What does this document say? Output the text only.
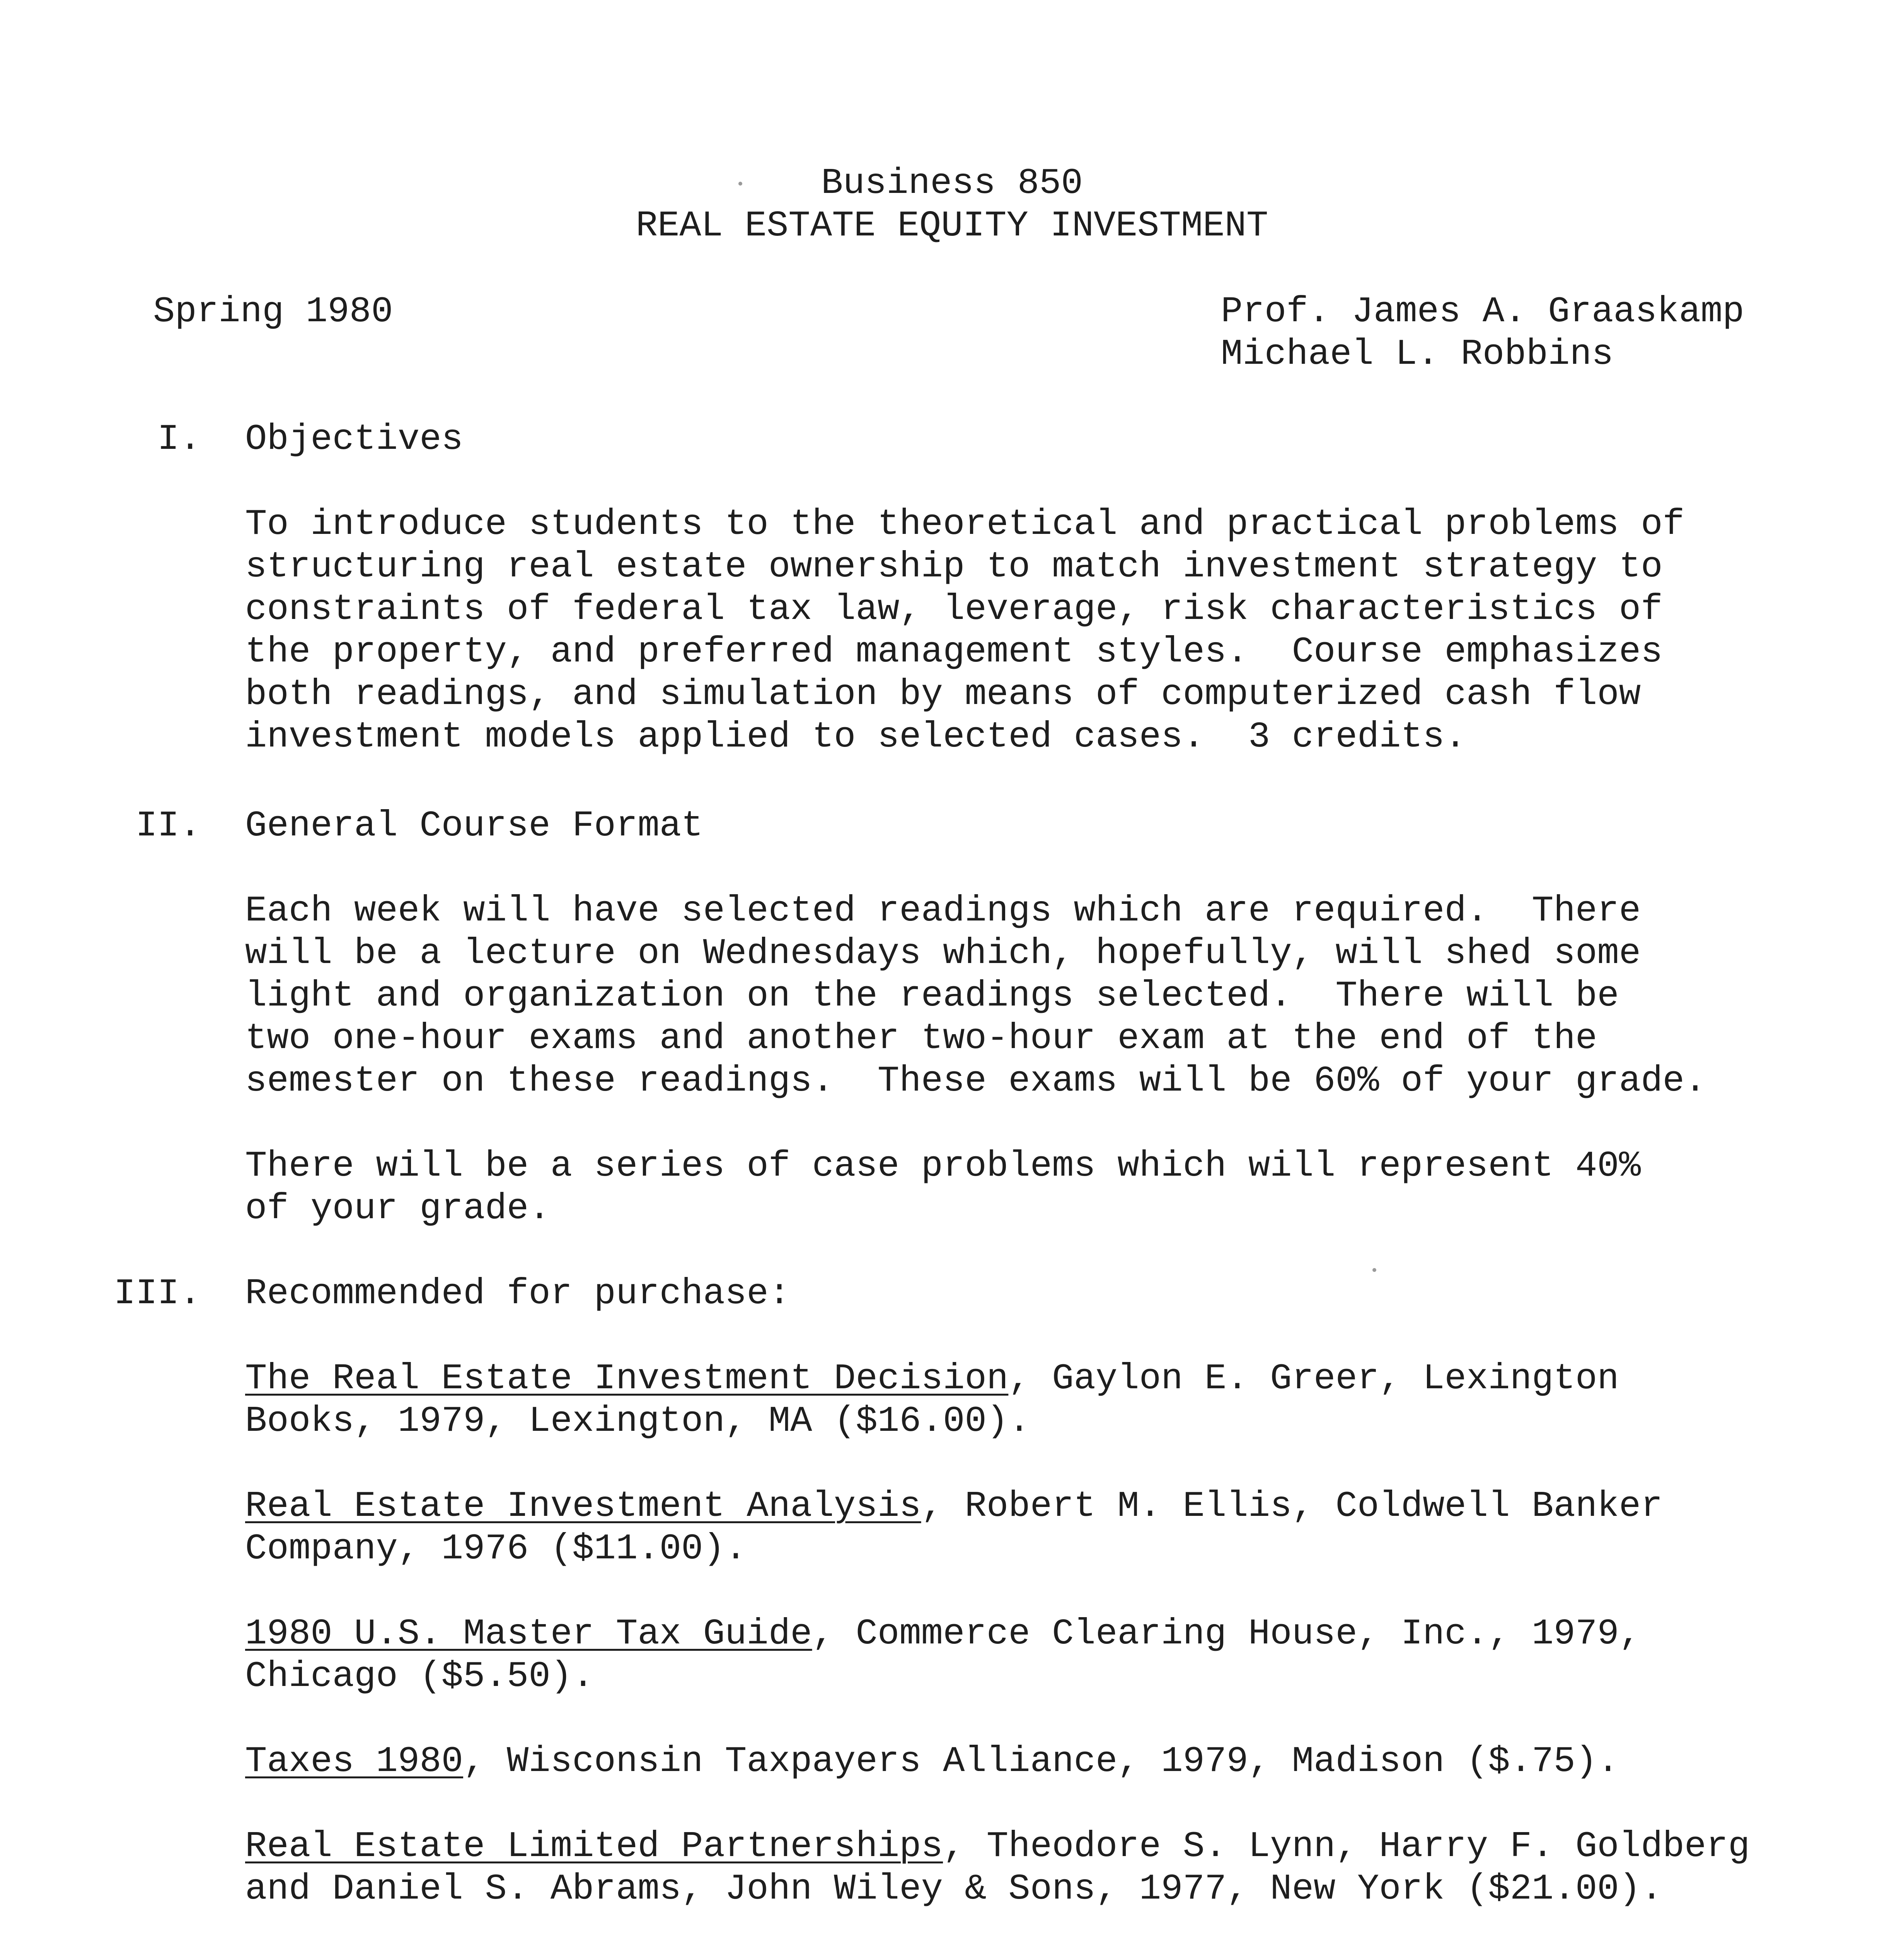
Business 850
REAL ESTATE EQUITY INVESTMENT
Spring 1980	Prof. James A. Graaskamp
Michael L. Robbins
I. Objectives
To introduce students to the theoretical and practical problems of
structuring real estate ownership to match investment strategy to
constraints of federal tax law, leverage, risk characteristics of
the property, and preferred management styles.  Course emphasizes
both readings, and simulation by means of computerized cash flow
investment models applied to selected cases.  3 credits.
II. General Course Format
Each week will have selected readings which are required.  There
will be a lecture on Wednesdays which, hopefully, will shed some
light and organization on the readings selected.  There will be
two one-hour exams and another two-hour exam at the end of the
semester on these readings.  These exams will be 60% of your grade.
There will be a series of case problems which will represent 40%
of your grade.
III. Recommended for purchase:
The Real Estate Investment Decision, Gaylon E. Greer, Lexington
Books, 1979, Lexington, MA ($16.00).
Real Estate Investment Analysis, Robert M. Ellis, Coldwell Banker
Company, 1976 ($11.00).
1980 U.S. Master Tax Guide, Commerce Clearing House, Inc., 1979,
Chicago ($5.50).
Taxes 1980, Wisconsin Taxpayers Alliance, 1979, Madison ($.75).
Real Estate Limited Partnerships, Theodore S. Lynn, Harry F. Goldberg
and Daniel S. Abrams, John Wiley & Sons, 1977, New York ($21.00).
